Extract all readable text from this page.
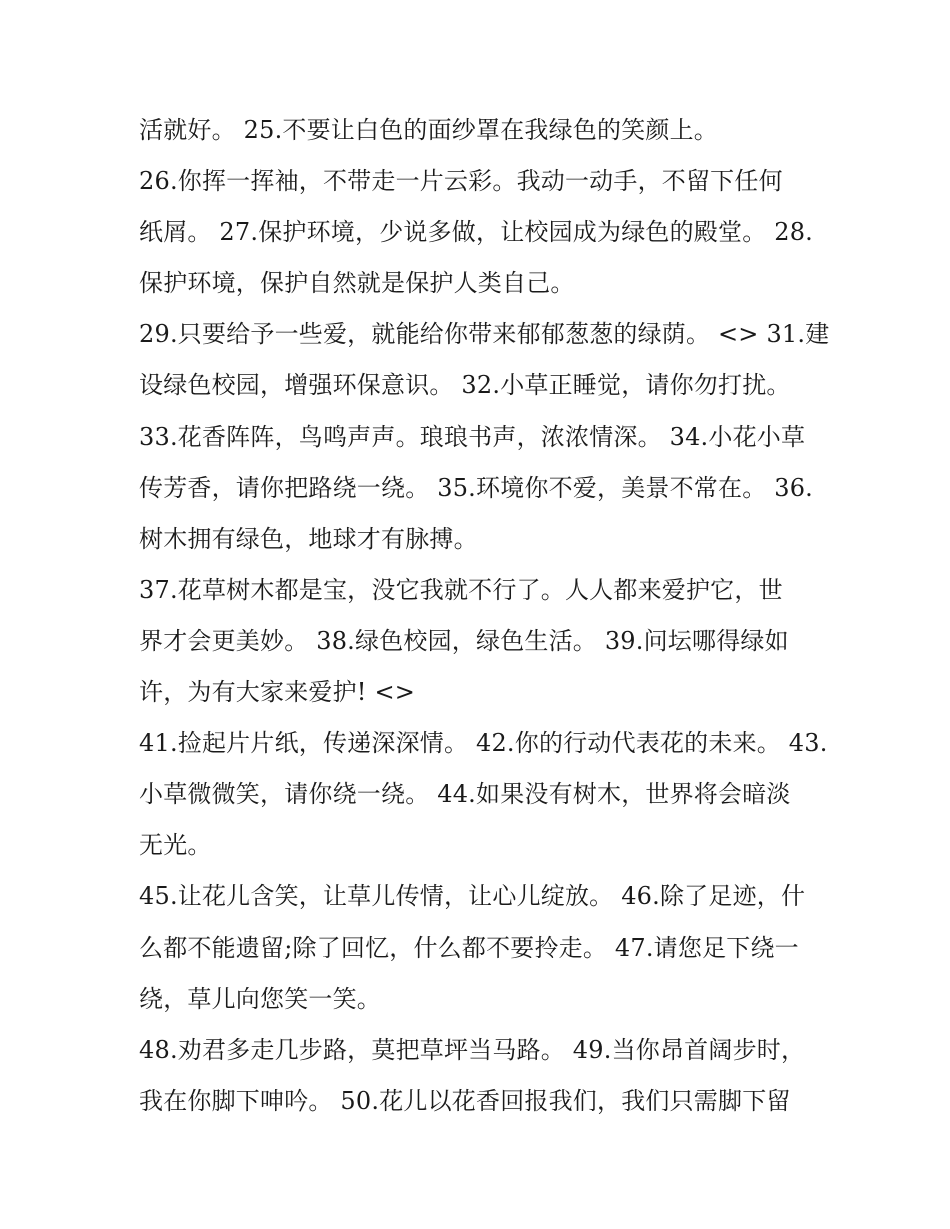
活就好。 25.不要让白色的面纱罩在我绿色的笑颜上。
26.你挥一挥袖，不带走一片云彩。我动一动手，不留下任何
纸屑。 27.保护环境，少说多做，让校园成为绿色的殿堂。 28.
保护环境，保护自然就是保护人类自己。
29.只要给予一些爱，就能给你带来郁郁葱葱的绿荫。 <> 31.建
设绿色校园，增强环保意识。 32.小草正睡觉，请你勿打扰。
33.花香阵阵，鸟鸣声声。琅琅书声，浓浓情深。 34.小花小草
传芳香，请你把路绕一绕。 35.环境你不爱，美景不常在。 36.
树木拥有绿色，地球才有脉搏。
37.花草树木都是宝，没它我就不行了。人人都来爱护它，世
界才会更美妙。 38.绿色校园，绿色生活。 39.问坛哪得绿如
许，为有大家来爱护! <>
41.捡起片片纸，传递深深情。 42.你的行动代表花的未来。 43.
小草微微笑，请你绕一绕。 44.如果没有树木，世界将会暗淡
无光。
45.让花儿含笑，让草儿传情，让心儿绽放。 46.除了足迹，什
么都不能遗留;除了回忆，什么都不要拎走。 47.请您足下绕一
绕，草儿向您笑一笑。
48.劝君多走几步路，莫把草坪当马路。 49.当你昂首阔步时，
我在你脚下呻吟。 50.花儿以花香回报我们，我们只需脚下留
